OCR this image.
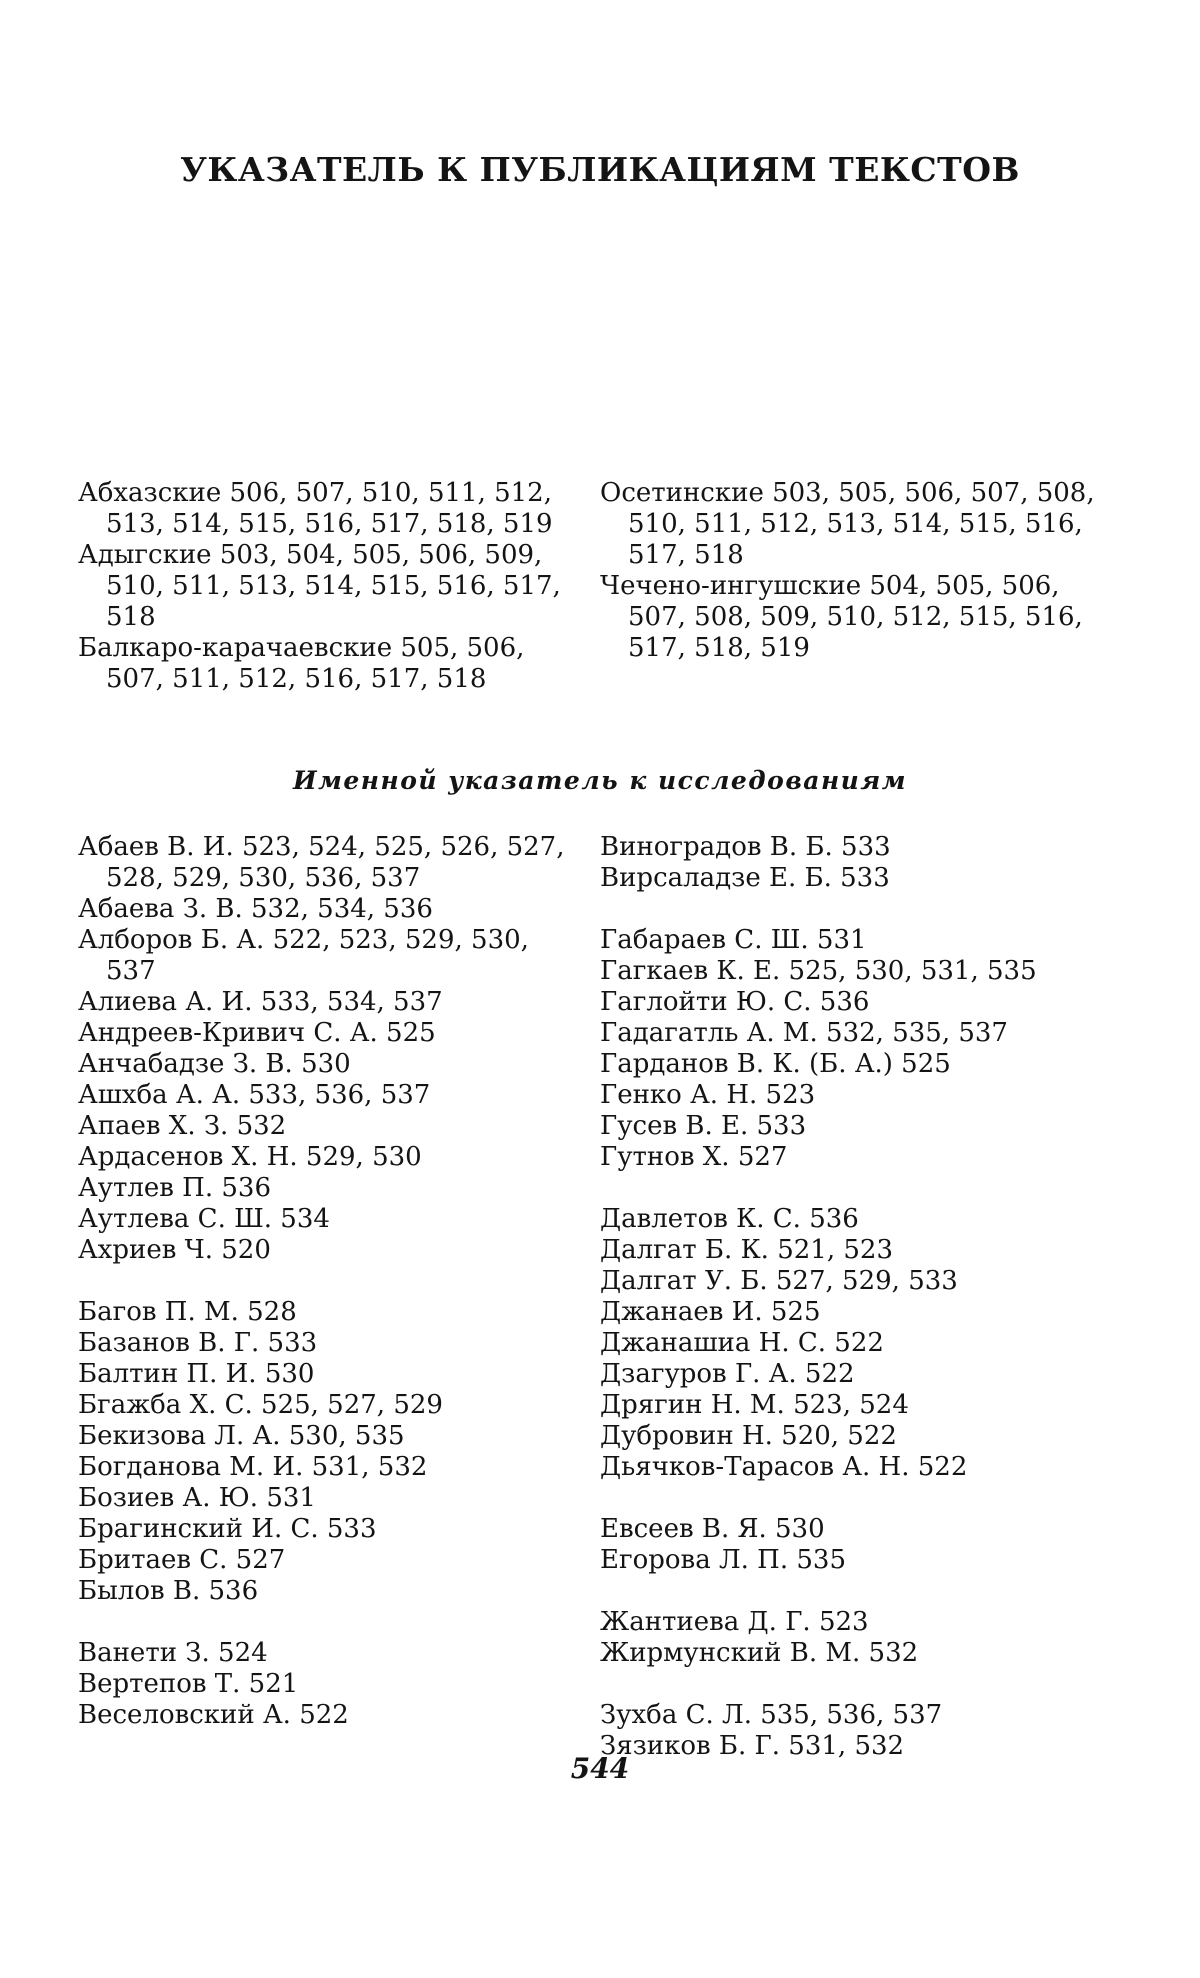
УКАЗАТЕЛЬ К ПУБЛИКАЦИЯМ ТЕКСТОВ

Абхазские 506, 507, 510, 511, 512, 513, 514, 515, 516, 517, 518, 519

Адыгские 503, 504, 505, 506, 509, 510, 511, 513, 514, 515, 516, 517, 518

Балкаро-карачаевские 505, 506, 507, 511, 512, 516, 517, 518

Осетинские 503, 505, 506, 507, 508, 510, 511, 512, 513, 514, 515, 516, 517, 518

Чечено-ингушские 504, 505, 506, 507, 508, 509, 510, 512, 515, 516, 517, 518, 519

Именной указатель к исследованиям

Абаев В. И. 523, 524, 525, 526, 527, 528, 529, 530, 536, 537

Абаева З. В. 532, 534, 536

Алборов Б. А. 522, 523, 529, 530, 537

Алиева А. И. 533, 534, 537

Андреев-Кривич С. А. 525

Анчабадзе З. В. 530

Ашхба А. А. 533, 536, 537

Апаев Х. З. 532

Ардасенов Х. Н. 529, 530

Аутлев П. 536

Аутлева С. Ш. 534

Ахриев Ч. 520

Багов П. М. 528

Базанов В. Г. 533

Балтин П. И. 530

Бгажба Х. С. 525, 527, 529

Бекизова Л. А. 530, 535

Богданова М. И. 531, 532

Бозиев А. Ю. 531

Брагинский И. С. 533

Бритаев С. 527

Былов В. 536

Ванети З. 524

Вертепов Т. 521

Веселовский А. 522

Виноградов В. Б. 533

Вирсаладзе Е. Б. 533

Габараев С. Ш. 531

Гагкаев К. Е. 525, 530, 531, 535

Гаглойти Ю. С. 536

Гадагатль А. М. 532, 535, 537

Гарданов В. К. (Б. А.) 525

Генко А. Н. 523

Гусев В. Е. 533

Гутнов Х. 527

Давлетов К. С. 536

Далгат Б. К. 521, 523

Далгат У. Б. 527, 529, 533

Джанаев И. 525

Джанашиа Н. С. 522

Дзагуров Г. А. 522

Дрягин Н. М. 523, 524

Дубровин Н. 520, 522

Дьячков-Тарасов А. Н. 522

Евсеев В. Я. 530

Егорова Л. П. 535

Жантиева Д. Г. 523

Жирмунский В. М. 532

Зухба С. Л. 535, 536, 537

Зязиков Б. Г. 531, 532

544
